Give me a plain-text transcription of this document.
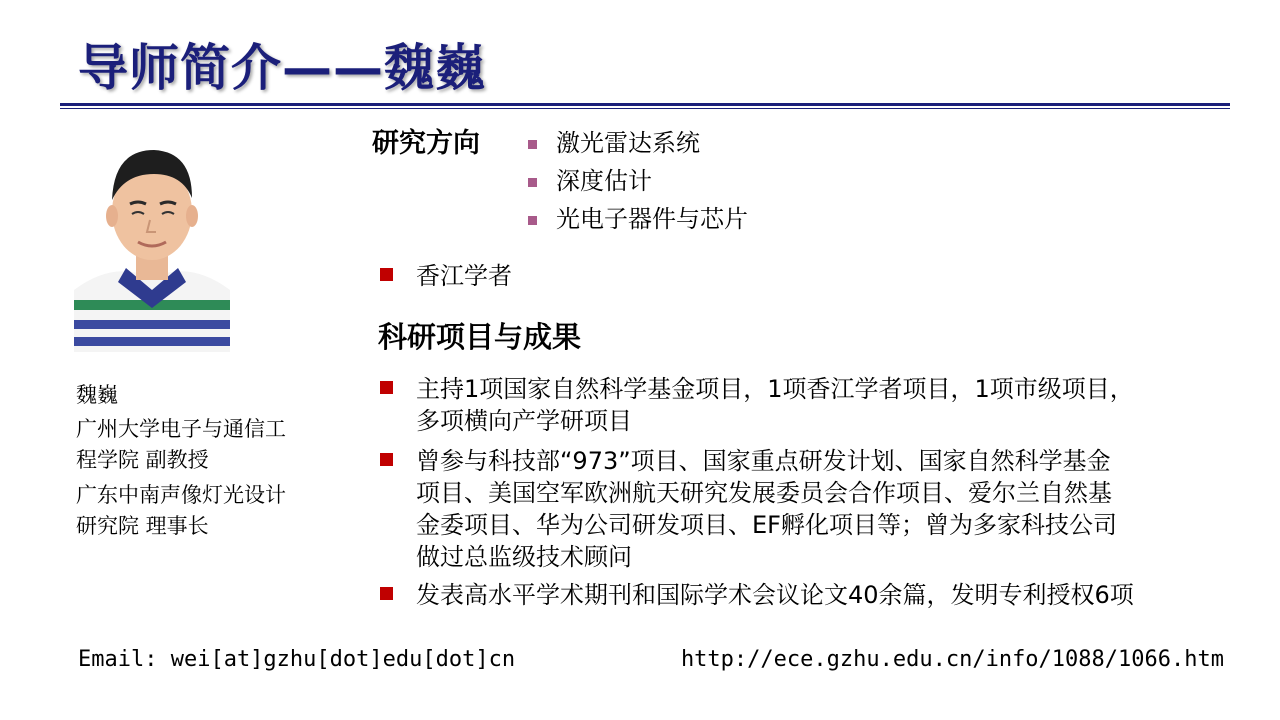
导师简介——魏巍
魏巍

广州大学电子与通信工
程学院 副教授

广东中南声像灯光设计
研究院 理事长

研究方向	激光雷达系统
深度估计
光电子器件与芯片
香江学者
科研项目与成果
主持1项国家自然科学基金项目，1项香江学者项目，1项市级项目，
多项横向产学研项目
曾参与科技部“973”项目、国家重点研发计划、国家自然科学基金
项目、美国空军欧洲航天研究发展委员会合作项目、爱尔兰自然基
金委项目、华为公司研发项目、EF孵化项目等；曾为多家科技公司
做过总监级技术顾问
发表高水平学术期刊和国际学术会议论文40余篇，发明专利授权6项
Email: wei[at]gzhu[dot]edu[dot]cn	http://ece.gzhu.edu.cn/info/1088/1066.htm
